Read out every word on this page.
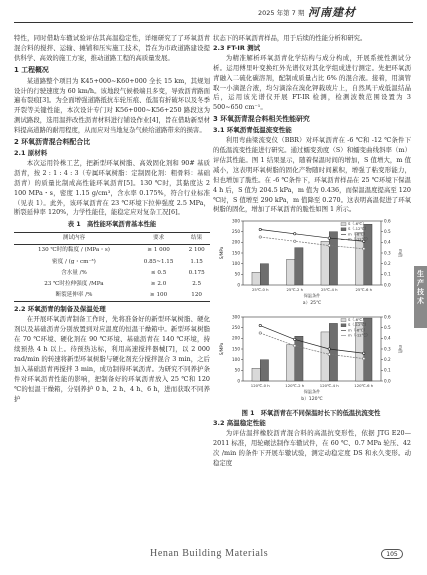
2025 年第 7 期 河南建材

特性，同时借助车辙试验评估其高温稳定性，详细研究了了环氧沥青混合料的搅拌、运输、摊铺和压实施工技术，旨在为市政道路建设提供科学、高效的施工方案，推动道路工程的高质量发展。

1 工程概况

某道路整个项目为 K45+000~K60+000 全长 15 km，其规划设计的行驶速度为 60 km/h。该地段气候极端且多变，导致沥青路面遍布裂痕[3]。为全面增强道路抵抗车轮压痕、低温有折破坏以及冬季开裂等关键性能，本次设计专门对 K56+000~K56+250 路段这为测试路段，选用温拌改性沥青材料进行铺设作业[4]，旨在借助新型材料提高道路的耐用程度，从而应对当地复杂气候给道路带来的损害。

2 环氧沥青混合料配合比
2.1 原材料

本次运用铃株工艺，把新型环氧树脂、高效固化剂和 90# 基质沥青，按 2 : 1 : 4 : 3（专属环氧树脂：定制固化剂：粗骨料：基础沥青）的质量比制成高性能环氧沥青[5]。130 ℃时，其黏度达 2 100 MPa・s，密度 1.15 g/cm³，含水率 0.175%，符合行业标准（见表 1）。此外，该环氧沥青在 23 ℃环境下拉伸强度 2.5 MPa，断裂延伸率 120%，力学性能佳，能稳定应对复杂工况[6]。

表 1　高性能环氧沥青基本性能
测试内容	要求	结果
130 ℃时的黏度 / (MPa・s)	≥ 1 000	2 100
密度 / (g・cm⁻³)	0.85~1.15	1.15
含水量 /%	≤ 0.5	0.175
23 ℃时拉伸强度 /MPa	≥ 2.0	2.5
断裂延伸率 /%	≥ 100	120
2.2 环氧沥青的制备及保温处理

在开展环氧沥青制备工作时，先将准备好的新型环氧树脂、硬化剂以及基础沥青分别放置到对应温度的恒温干燥箱中。新型环氧树脂在 70 ℃环境、硬化剂在 90 ℃环境、基础沥青在 140 ℃环境，持续预热 4 h 以上。待预热达标，利用高速搅拌器械[7]，以 2 000 rad/min 的转速将新型环氧树脂与硬化剂充分搅拌混合 3 min，之后加入基础沥青再搅拌 3 min，成功制得环氧沥青。为研究不同养护条件对环氧沥青性能的影响，把制备好的环氧沥青放入 25 ℃和 120 ℃的恒温干燥箱，分别养护 0 h、2 h、4 h、6 h，进而获取不同养护

状态下的环氧沥青样品，用于后续的性能分析和研究。

2.3 FT-IR 测试

为精准解析环氧沥青化学结构与成分构成，开展系统性测试分析。运用傅里叶变换红外光谱仪对其化学组成进行测定。先把环氧沥青融入二硫化碳溶剂，配制成质量占比 6% 的混合液。接着，用滴管取一小滴混合液，均匀滴涂在溴化钾载玻片上，自然风干成低温结晶后，运用该光谱仪开展 FT-IR 检测，检测波数范围设置为 3 500~650 cm⁻¹。

3 环氧沥青混合料相关性能研究
3.1 环氧沥青低温流变性能

利用弯曲梁流变仪（BBR）对环氧沥青在 -6 ℃和 -12 ℃条件下的低温流变性能进行研究。通过蠕变劲度（S）和蠕变曲线斜率（m）评估其性能。图 1 结果显示，随着保温时间的增加，S 值增大，m 值减小，这表明环氧树脂的固化产物随时间累积，增强了粘变形能力，但也增加了脆性。在 -6 ℃条件下，环氧沥青样品在 25 ℃环境下保温 4 h 后，S 值为 204.5 kPa，m 值为 0.436，而保温温度提高至 120 ℃时，S 值增至 290 kPa，m 值降至 0.270。这表明高温促进了环氧树脂的固化，增加了环氧沥青的脆性如图 1 所示。

0
50
100
150
200
250
300
0.0
0.1
0.2
0.3
0.4
0.5
0.6
S/MPa	m值
25℃-0 h	25℃-2 h	25℃-4 h	25℃-6 h
S（-6℃）
S（-12℃）
m（-6℃）
m（-12℃）
保温条件
a）25℃
0
50
100
150
200
250
300
0.0
0.1
0.2
0.3
0.4
0.5
0.6
S/MPa	m值
120℃-0 h	120℃-2 h	120℃-4 h	120℃-6 h
S（-6℃）
S（-12℃）
m（-6℃）
m（-12℃）
保温条件
b）120℃
图 1　环氧沥青在不同保温时长下的低温抗流变性
3.2 高温稳定性能

为评估温拌橡胶沥青混合料的高温抗变形性，依据 JTG E20—2011 标准，用轮碾法制作车辙试件，在 60 ℃、0.7 MPa 轮压、42 次 /min 的条件下开展车辙试验，测定动稳定度 DS 和永久变形。动稳定度

生产技术
Henan Building Materials	105
